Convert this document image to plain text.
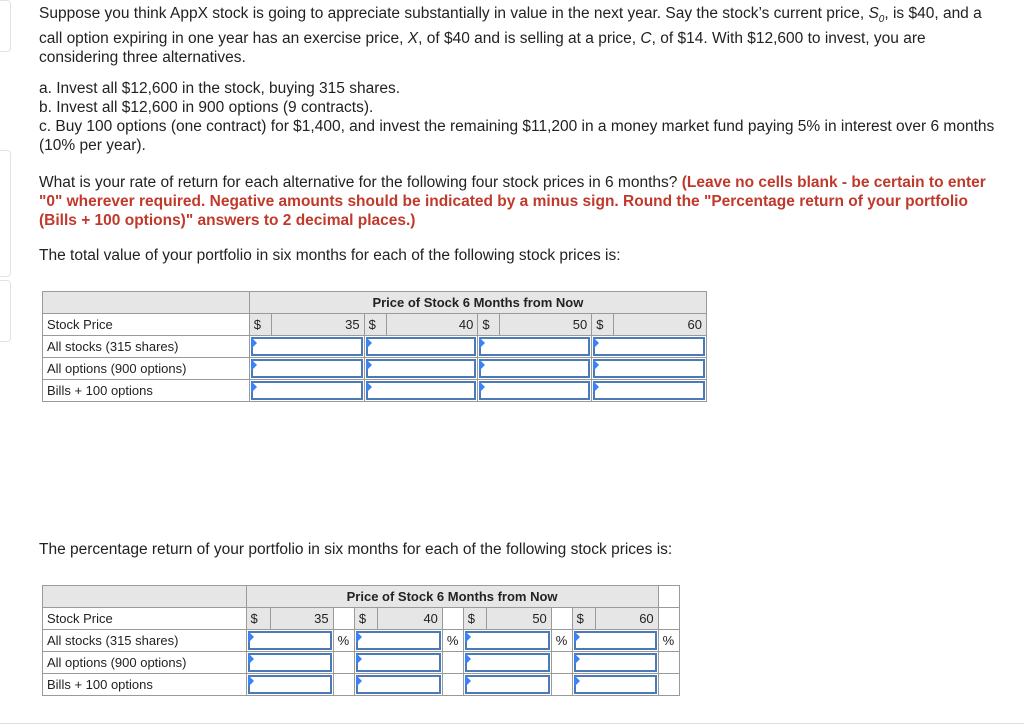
Suppose you think AppX stock is going to appreciate substantially in value in the next year. Say the stock’s current price, $S_0$, is $40, and a call option expiring in one year has an exercise price, X, of $40 and is selling at a price, C, of $14. With $12,600 to invest, you are considering three alternatives.

a. Invest all $12,600 in the stock, buying 315 shares.

b. Invest all $12,600 in 900 options (9 contracts).

c. Buy 100 options (one contract) for $1,400, and invest the remaining $11,200 in a money market fund paying 5% in interest over 6 months (10% per year).

What is your rate of return for each alternative for the following four stock prices in 6 months? (Leave no cells blank - be certain to enter "0" wherever required. Negative amounts should be indicated by a minus sign. Round the "Percentage return of your portfolio (Bills + 100 options)" answers to 2 decimal places.)

The total value of your portfolio in six months for each of the following stock prices is:

	Price of Stock 6 Months from Now							
Stock Price	$	35	$	40	$	50	$	60
All stocks (315 shares)					

All options (900 options)					

Bills + 100 options					

The percentage return of your portfolio in six months for each of the following stock prices is:

	Price of Stock 6 Months from Now											
Stock Price	$	35		$	40		$	50		$	60	
All stocks (315 shares)			%			%			%			%
All options (900 options)					

Bills + 100 options					
